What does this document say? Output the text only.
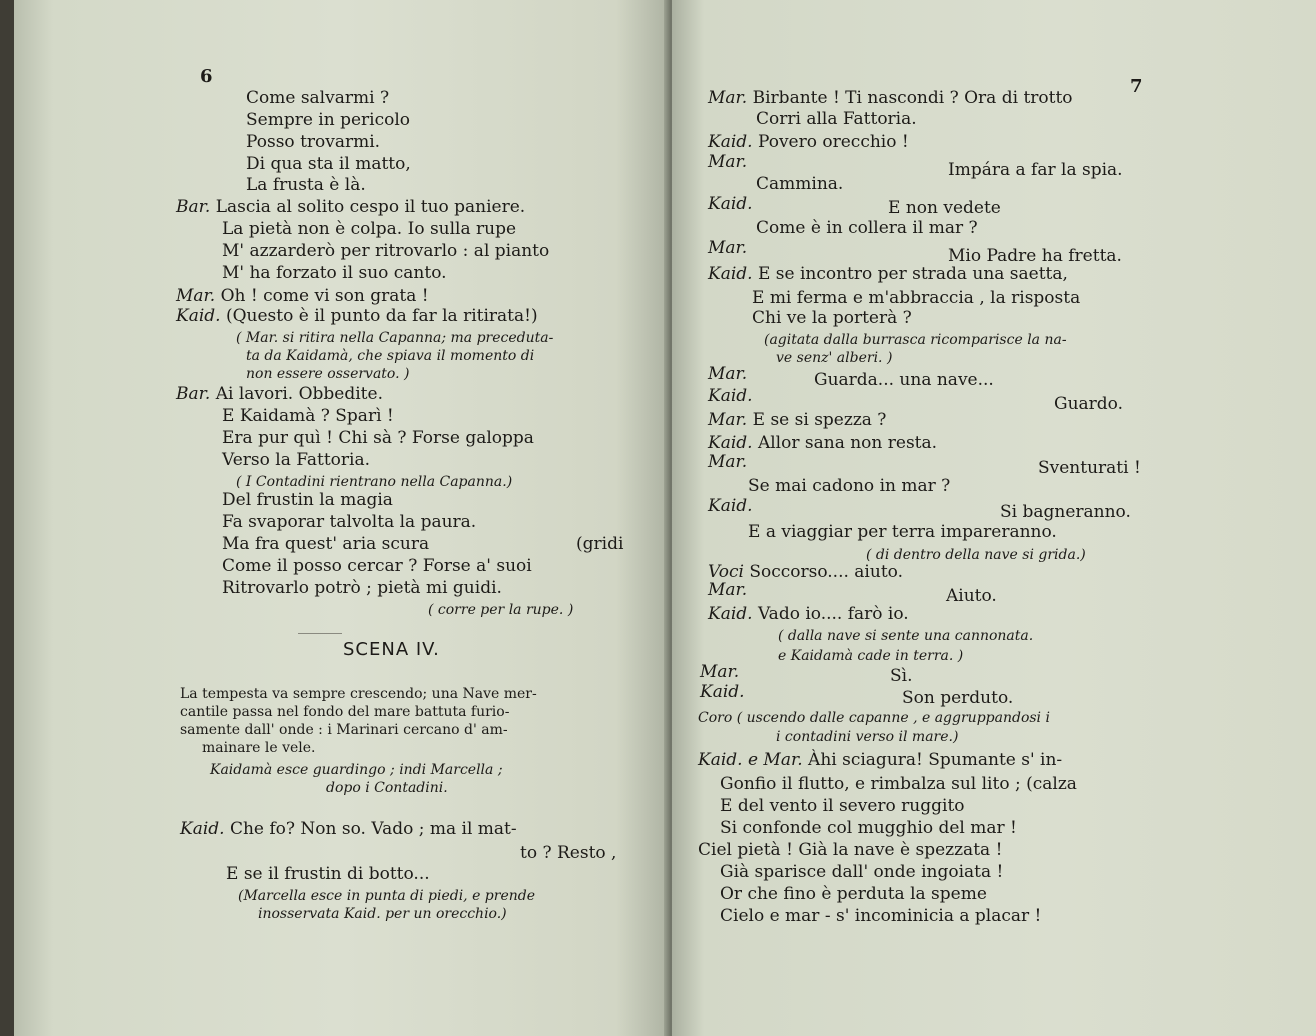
6
Come salvarmi ?
Sempre in pericolo
Posso trovarmi.
Di qua sta il matto,
La frusta è là.
Bar. Lascia al solito cespo il tuo paniere.
La pietà non è colpa. Io sulla rupe
M' azzarderò per ritrovarlo : al pianto
M' ha forzato il suo canto.
Mar. Oh ! come vi son grata !
Kaid. (Questo è il punto da far la ritirata!)
( Mar. si ritira nella Capanna; ma preceduta-
ta da Kaidamà, che spiava il momento di
non essere osservato. )
Bar. Ai lavori. Obbedite.
E Kaidamà ? Sparì !
Era pur quì ! Chi sà ? Forse galoppa
Verso la Fattoria.
( I Contadini rientrano nella Capanna.)
Del frustin la magia
Fa svaporar talvolta la paura.
Ma fra quest' aria scura	(gridi
Come il posso cercar ? Forse a' suoi
Ritrovarlo potrò ; pietà mi guidi.
( corre per la rupe. )
SCENA IV.
La tempesta va sempre crescendo; una Nave mer-
cantile passa nel fondo del mare battuta furio-
samente dall' onde : i Marinari cercano d' am-
mainare le vele.
Kaidamà esce guardingo ; indi Marcella ;
dopo i Contadini.
Kaid. Che fo? Non so. Vado ; ma il mat-
to ? Resto ,
E se il frustin di botto...
(Marcella esce in punta di piedi, e prende
inosservata Kaid. per un orecchio.)
7
Mar. Birbante ! Ti nascondi ? Ora di trotto
Corri alla Fattoria.
Kaid. Povero orecchio !
Mar.	Impára a far la spia.
Cammina.
Kaid.	E non vedete
Come è in collera il mar ?
Mar.	Mio Padre ha fretta.
Kaid. E se incontro per strada una saetta,
E mi ferma e m'abbraccia , la risposta
Chi ve la porterà ?
(agitata dalla burrasca ricomparisce la na-
ve senz' alberi. )
Mar.	Guarda... una nave...
Kaid.	Guardo.
Mar. E se si spezza ?
Kaid. Allor sana non resta.
Mar.	Sventurati !
Se mai cadono in mar ?
Kaid.	Si bagneranno.
E a viaggiar per terra impareranno.
( di dentro della nave si grida.)
Voci Soccorso.... aiuto.
Mar.	Aiuto.
Kaid. Vado io.... farò io.
( dalla nave si sente una cannonata.
e Kaidamà cade in terra. )
Mar.	Sì.
Kaid.	Son perduto.
Coro ( uscendo dalle capanne , e aggruppandosi i
i contadini verso il mare.)
Kaid. e Mar. Àhi sciagura! Spumante s' in-
Gonfio il flutto, e rimbalza sul lito ; (calza
E del vento il severo ruggito
Si confonde col mugghio del mar !
Ciel pietà ! Già la nave è spezzata !
Già sparisce dall' onde ingoiata !
Or che fino è perduta la speme
Cielo e mar - s' incominicia a placar !
